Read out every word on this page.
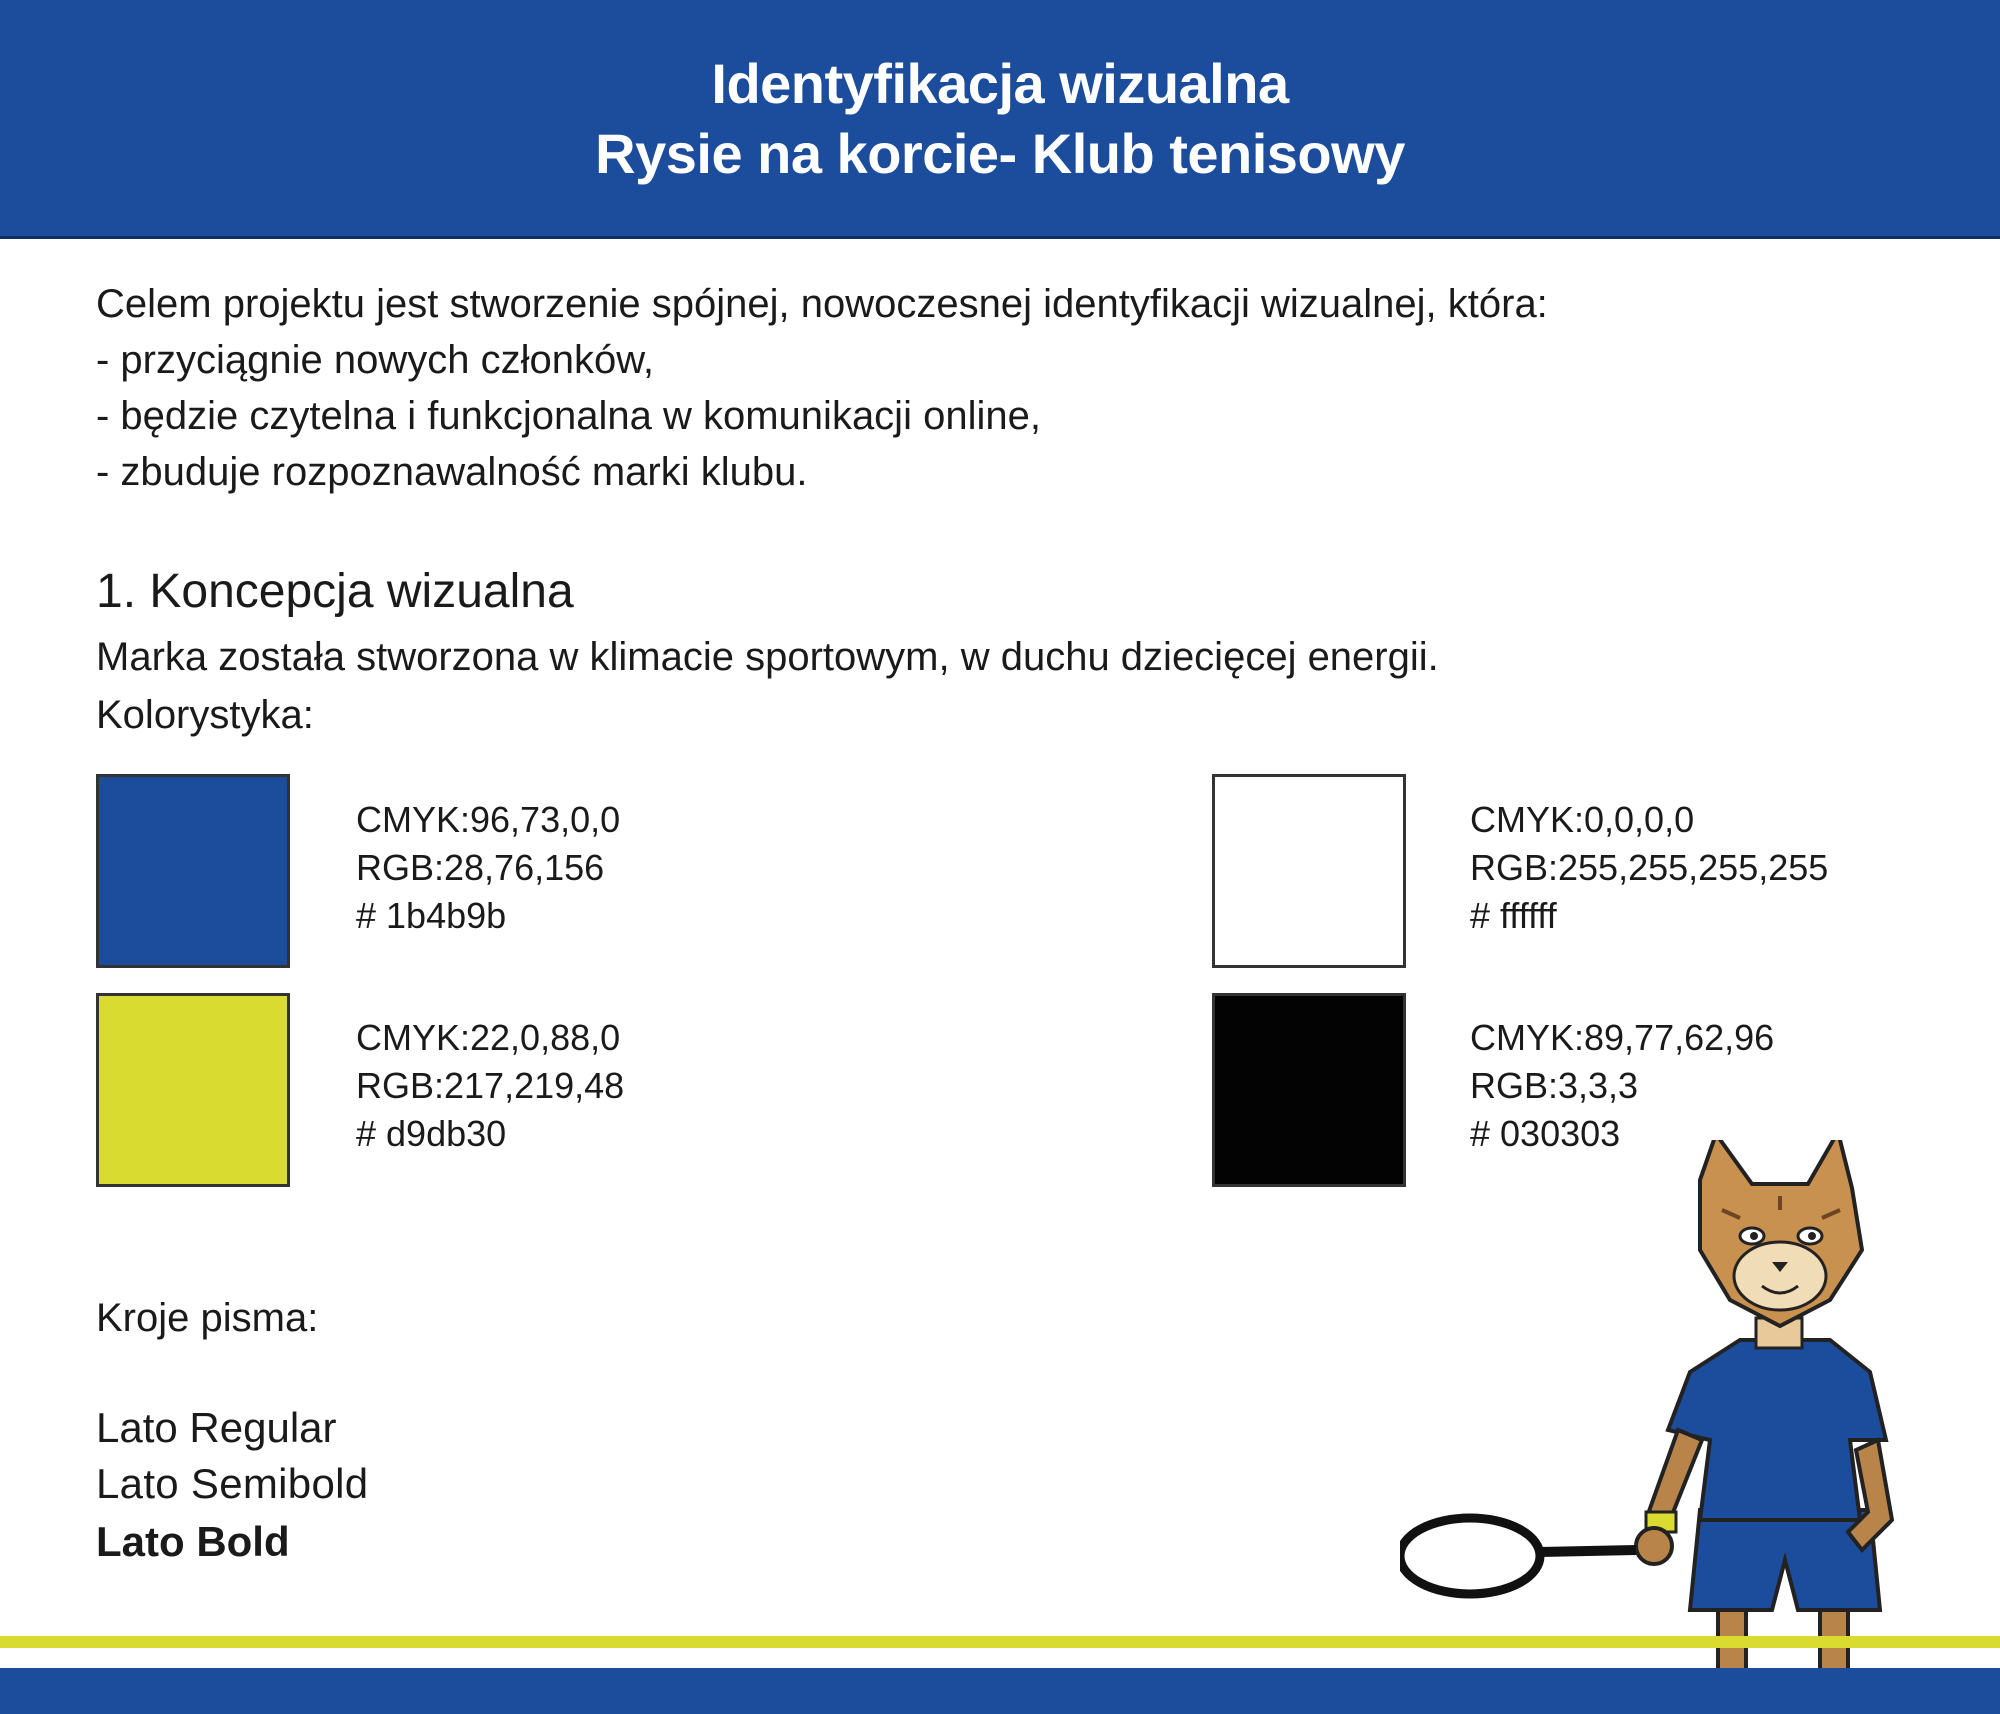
Identyfikacja wizualna
Rysie na korcie- Klub tenisowy
Celem projektu jest stworzenie spójnej, nowoczesnej identyfikacji wizualnej, która:
- przyciągnie nowych członków,
- będzie czytelna i funkcjonalna w komunikacji online,
- zbuduje rozpoznawalność marki klubu.
1. Koncepcja wizualna
Marka została stworzona w klimacie sportowym, w duchu dziecięcej energii.
Kolorystyka:
CMYK:96,73,0,0
RGB:28,76,156
# 1b4b9b
CMYK:0,0,0,0
RGB:255,255,255,255
# ffffff
CMYK:22,0,88,0
RGB:217,219,48
# d9db30
CMYK:89,77,62,96
RGB:3,3,3
# 030303
Kroje pisma:
Lato Regular
Lato Semibold
Lato Bold
